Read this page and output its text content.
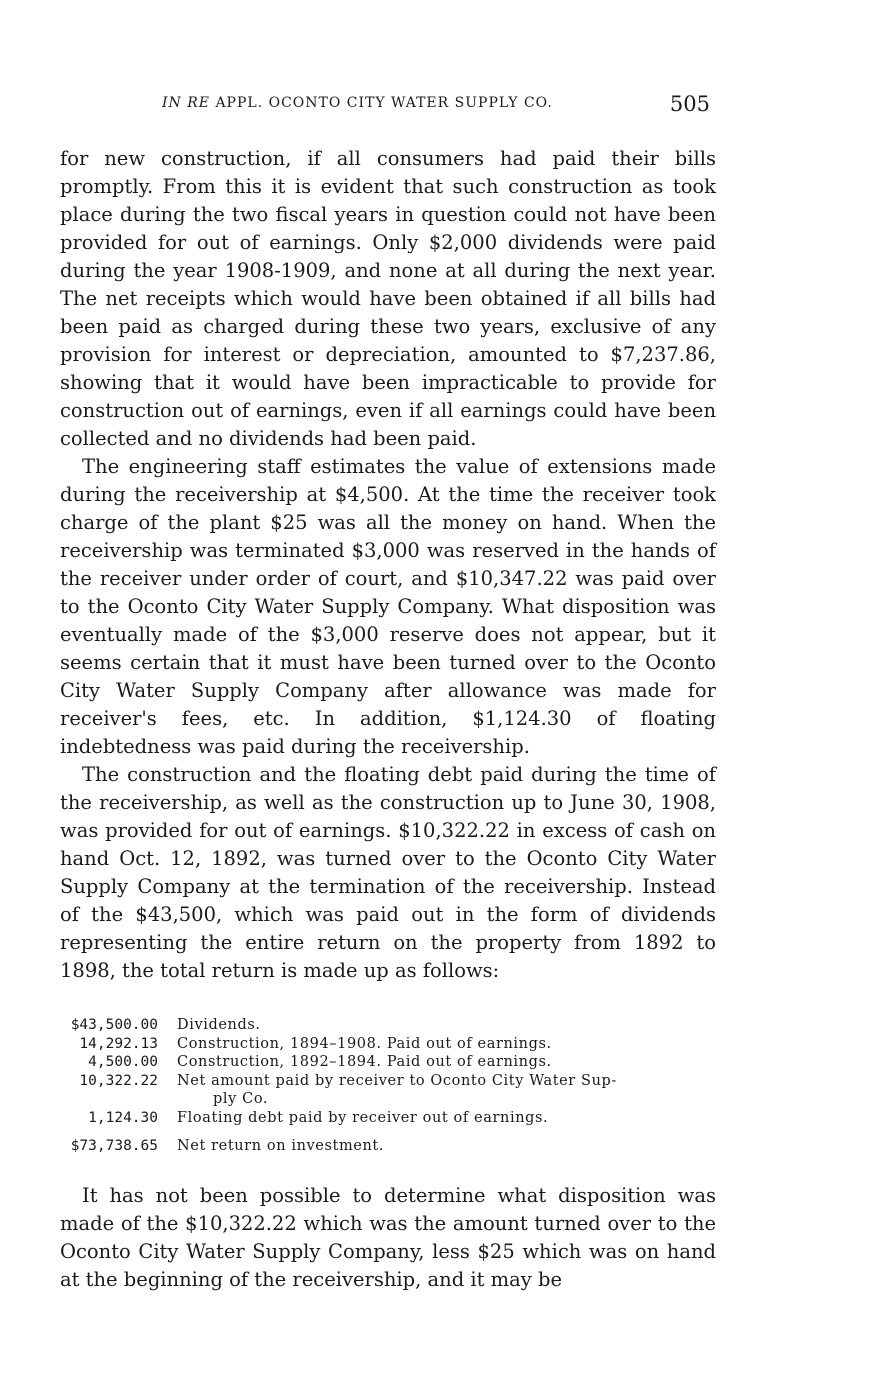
IN RE APPL. OCONTO CITY WATER SUPPLY CO.	505

for new construction, if all consumers had paid their bills promptly. From this it is evident that such construction as took place during the two fiscal years in question could not have been provided for out of earnings. Only $2,000 dividends were paid during the year 1908-1909, and none at all during the next year. The net receipts which would have been obtained if all bills had been paid as charged during these two years, exclusive of any provision for interest or depreciation, amounted to $7,237.86, showing that it would have been impracticable to provide for construction out of earnings, even if all earnings could have been collected and no dividends had been paid.

The engineering staff estimates the value of extensions made during the receivership at $4,500. At the time the receiver took charge of the plant $25 was all the money on hand. When the receivership was terminated $3,000 was reserved in the hands of the receiver under order of court, and $10,347.22 was paid over to the Oconto City Water Supply Company. What disposition was eventually made of the $3,000 reserve does not appear, but it seems certain that it must have been turned over to the Oconto City Water Supply Company after allowance was made for receiver's fees, etc. In addition, $1,124.30 of floating indebtedness was paid during the receivership.

The construction and the floating debt paid during the time of the receivership, as well as the construction up to June 30, 1908, was provided for out of earnings. $10,322.22 in excess of cash on hand Oct. 12, 1892, was turned over to the Oconto City Water Supply Company at the termination of the receivership. Instead of the $43,500, which was paid out in the form of dividends representing the entire return on the property from 1892 to 1898, the total return is made up as follows:

$43,500.00	Dividends.
14,292.13	Construction, 1894–1908. Paid out of earnings.
4,500.00	Construction, 1892–1894. Paid out of earnings.
10,322.22	Net amount paid by receiver to Oconto City Water Sup-
ply Co.
1,124.30	Floating debt paid by receiver out of earnings.
$73,738.65	Net return on investment.

It has not been possible to determine what disposition was made of the $10,322.22 which was the amount turned over to the Oconto City Water Supply Company, less $25 which was on hand at the beginning of the receivership, and it may be
